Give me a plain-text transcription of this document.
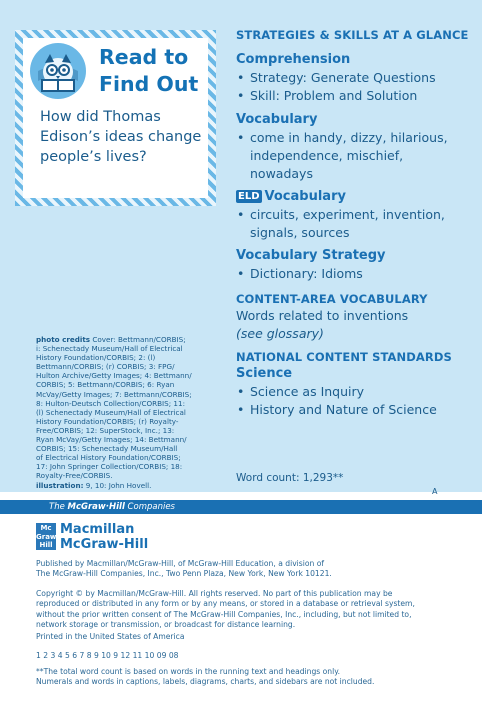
Read to
Find Out
How did Thomas Edison’s ideas change people’s lives?
STRATEGIES & SKILLS AT A GLANCE
Comprehension
• Strategy: Generate Questions
• Skill: Problem and Solution
Vocabulary
• come in handy, dizzy, hilarious,
independence, mischief,
nowadays
ELD Vocabulary
• circuits, experiment, invention,
signals, sources
Vocabulary Strategy
• Dictionary: Idioms
CONTENT-AREA VOCABULARY
Words related to inventions
(see glossary)
NATIONAL CONTENT STANDARDS
Science
• Science as Inquiry
• History and Nature of Science
photo credits Cover: Bettmann/CORBIS;
i: Schenectady Museum/Hall of Electrical
History Foundation/CORBIS; 2: (l)
Bettmann/CORBIS; (r) CORBIS; 3: FPG/
Hulton Archive/Getty Images; 4: Bettmann/
CORBIS; 5: Bettmann/CORBIS; 6: Ryan
McVay/Getty Images; 7: Bettmann/CORBIS;
8: Hulton-Deutsch Collection/CORBIS; 11:
(l) Schenectady Museum/Hall of Electrical
History Foundation/CORBIS; (r) Royalty-
Free/CORBIS; 12: SuperStock, Inc.; 13:
Ryan McVay/Getty Images; 14: Bettmann/
CORBIS; 15: Schenectady Museum/Hall
of Electrical History Foundation/CORBIS;
17: John Springer Collection/CORBIS; 18:
Royalty-Free/CORBIS.
illustration: 9, 10: John Hovell.
Word count: 1,293**
A
The McGraw·Hill Companies
Mc
Graw
Hill
Macmillan
McGraw-Hill
Published by Macmillan/McGraw-Hill, of McGraw-Hill Education, a division of
The McGraw-Hill Companies, Inc., Two Penn Plaza, New York, New York 10121.
Copyright © by Macmillan/McGraw-Hill. All rights reserved. No part of this publication may be
reproduced or distributed in any form or by any means, or stored in a database or retrieval system,
without the prior written consent of The McGraw-Hill Companies, Inc., including, but not limited to,
network storage or transmission, or broadcast for distance learning.
Printed in the United States of America
1 2 3 4 5 6 7 8 9 10 9 12 11 10 09 08
**The total word count is based on words in the running text and headings only.
Numerals and words in captions, labels, diagrams, charts, and sidebars are not included.
